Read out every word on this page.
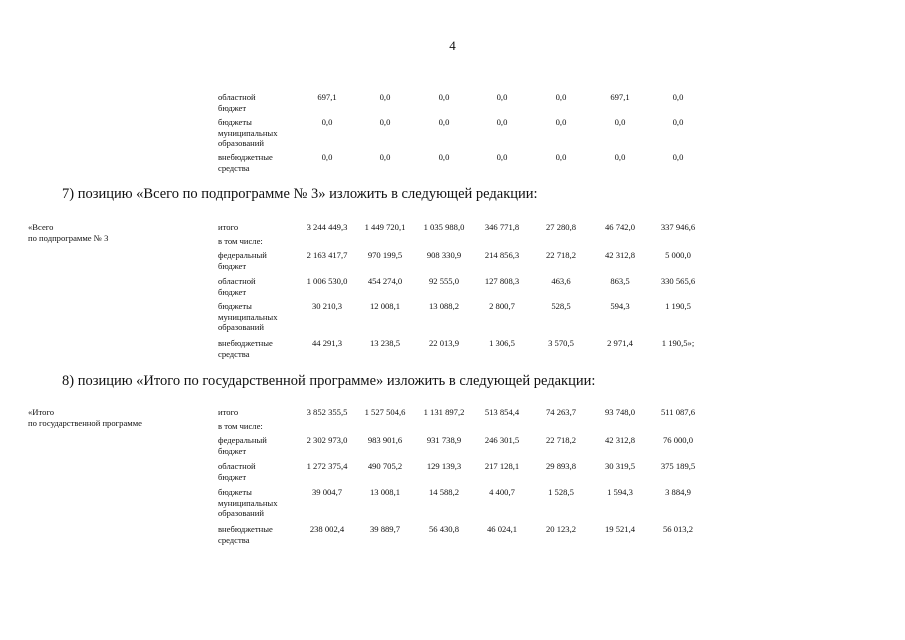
4
областной
бюджет
697,1	0,0	0,0	0,0	0,0	697,1	0,0
бюджеты
муниципальных
образований
0,0	0,0	0,0	0,0	0,0	0,0	0,0
внебюджетные
средства
0,0	0,0	0,0	0,0	0,0	0,0	0,0
7) позицию «Всего по подпрограмме № 3» изложить в следующей редакции:
«Всего
по подпрограмме № 3
итого	3 244 449,3	1 449 720,1	1 035 988,0	346 771,8	27 280,8	46 742,0	337 946,6
в том числе:
федеральный
бюджет
2 163 417,7	970 199,5	908 330,9	214 856,3	22 718,2	42 312,8	5 000,0
областной
бюджет
1 006 530,0	454 274,0	92 555,0	127 808,3	463,6	863,5	330 565,6
бюджеты
муниципальных
образований
30 210,3	12 008,1	13 088,2	2 800,7	528,5	594,3	1 190,5
внебюджетные
средства
44 291,3	13 238,5	22 013,9	1 306,5	3 570,5	2 971,4	1 190,5»;
8) позицию «Итого по государственной программе» изложить в следующей редакции:
«Итого
по государственной программе
итого	3 852 355,5	1 527 504,6	1 131 897,2	513 854,4	74 263,7	93 748,0	511 087,6
в том числе:
федеральный
бюджет
2 302 973,0	983 901,6	931 738,9	246 301,5	22 718,2	42 312,8	76 000,0
областной
бюджет
1 272 375,4	490 705,2	129 139,3	217 128,1	29 893,8	30 319,5	375 189,5
бюджеты
муниципальных
образований
39 004,7	13 008,1	14 588,2	4 400,7	1 528,5	1 594,3	3 884,9
внебюджетные
средства
238 002,4	39 889,7	56 430,8	46 024,1	20 123,2	19 521,4	56 013,2
